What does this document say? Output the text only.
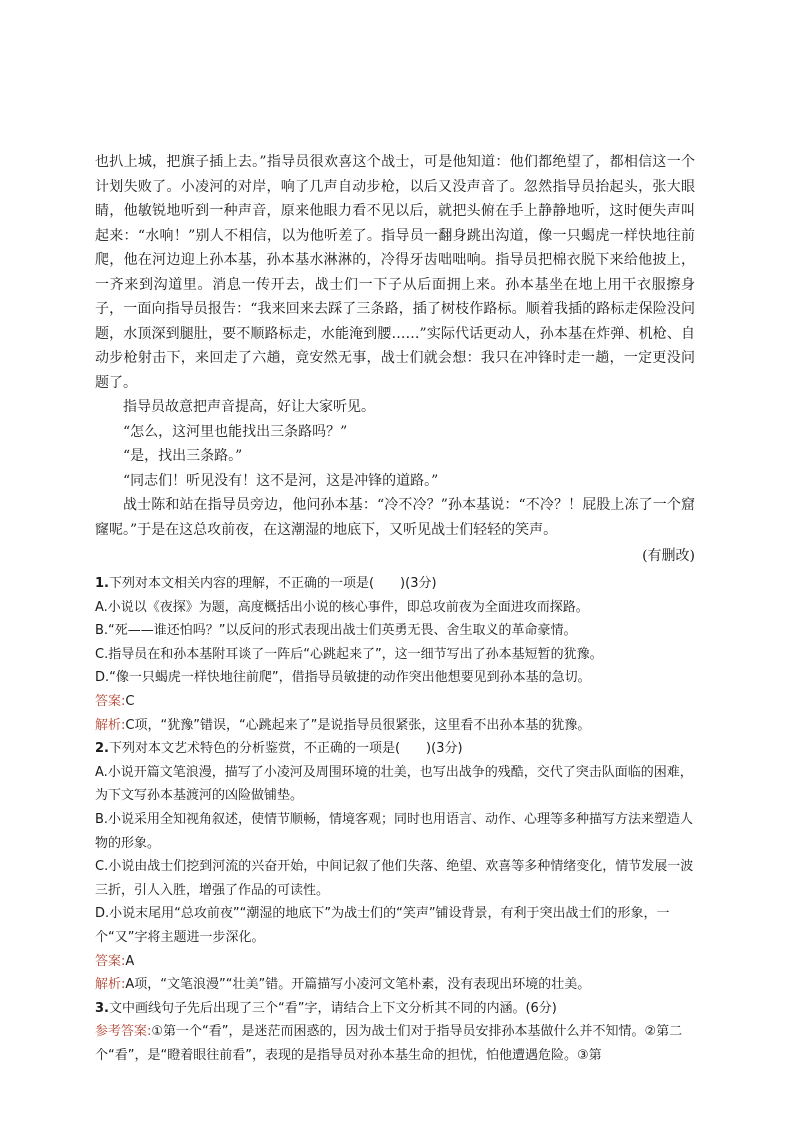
也扒上城，把旗子插上去。”指导员很欢喜这个战士，可是他知道：他们都绝望了，都相信这一个计划失败了。小凌河的对岸，响了几声自动步枪，以后又没声音了。忽然指导员抬起头，张大眼睛，他敏锐地听到一种声音，原来他眼力看不见以后，就把头俯在手上静静地听，这时便失声叫起来：“水响！”别人不相信，以为他听差了。指导员一翻身跳出沟道，像一只蝎虎一样快地往前爬，他在河边迎上孙本基，孙本基水淋淋的，冷得牙齿咄咄响。指导员把棉衣脱下来给他披上，一齐来到沟道里。消息一传开去，战士们一下子从后面拥上来。孙本基坐在地上用干衣服擦身子，一面向指导员报告：“我来回来去踩了三条路，插了树枝作路标。顺着我插的路标走保险没问题，水顶深到腿肚，要不顺路标走，水能淹到腰……”实际代话更动人，孙本基在炸弹、机枪、自动步枪射击下，来回走了六趟，竟安然无事，战士们就会想：我只在冲锋时走一趟，一定更没问题了。

指导员故意把声音提高，好让大家听见。

“怎么，这河里也能找出三条路吗？”

“是，找出三条路。”

“同志们！听见没有！这不是河，这是冲锋的道路。”

战士陈和站在指导员旁边，他问孙本基：“冷不冷？”孙本基说：“不冷？！屁股上冻了一个窟窿呢。”于是在这总攻前夜，在这潮湿的地底下，又听见战士们轻轻的笑声。

(有删改)

1.下列对本文相关内容的理解，不正确的一项是(　　)(3分)

A.小说以《夜探》为题，高度概括出小说的核心事件，即总攻前夜为全面进攻而探路。

B.“死——谁还怕吗？”以反问的形式表现出战士们英勇无畏、舍生取义的革命豪情。

C.指导员在和孙本基附耳谈了一阵后“心跳起来了”，这一细节写出了孙本基短暂的犹豫。

D.“像一只蝎虎一样快地往前爬”，借指导员敏捷的动作突出他想要见到孙本基的急切。

答案:C

解析:C项，“犹豫”错误，“心跳起来了”是说指导员很紧张，这里看不出孙本基的犹豫。

2.下列对本文艺术特色的分析鉴赏，不正确的一项是(　　)(3分)

A.小说开篇文笔浪漫，描写了小凌河及周围环境的壮美，也写出战争的残酷，交代了突击队面临的困难，为下文写孙本基渡河的凶险做铺垫。

B.小说采用全知视角叙述，使情节顺畅，情境客观；同时也用语言、动作、心理等多种描写方法来塑造人物的形象。

C.小说由战士们挖到河流的兴奋开始，中间记叙了他们失落、绝望、欢喜等多种情绪变化，情节发展一波三折，引人入胜，增强了作品的可读性。

D.小说末尾用“总攻前夜”“潮湿的地底下”为战士们的“笑声”铺设背景，有利于突出战士们的形象，一个“又”字将主题进一步深化。

答案:A

解析:A项，“文笔浪漫”“壮美”错。开篇描写小凌河文笔朴素，没有表现出环境的壮美。

3.文中画线句子先后出现了三个“看”字，请结合上下文分析其不同的内涵。(6分)

参考答案:①第一个“看”，是迷茫而困惑的，因为战士们对于指导员安排孙本基做什么并不知情。②第二个“看”，是“瞪着眼往前看”，表现的是指导员对孙本基生命的担忧，怕他遭遇危险。③第
